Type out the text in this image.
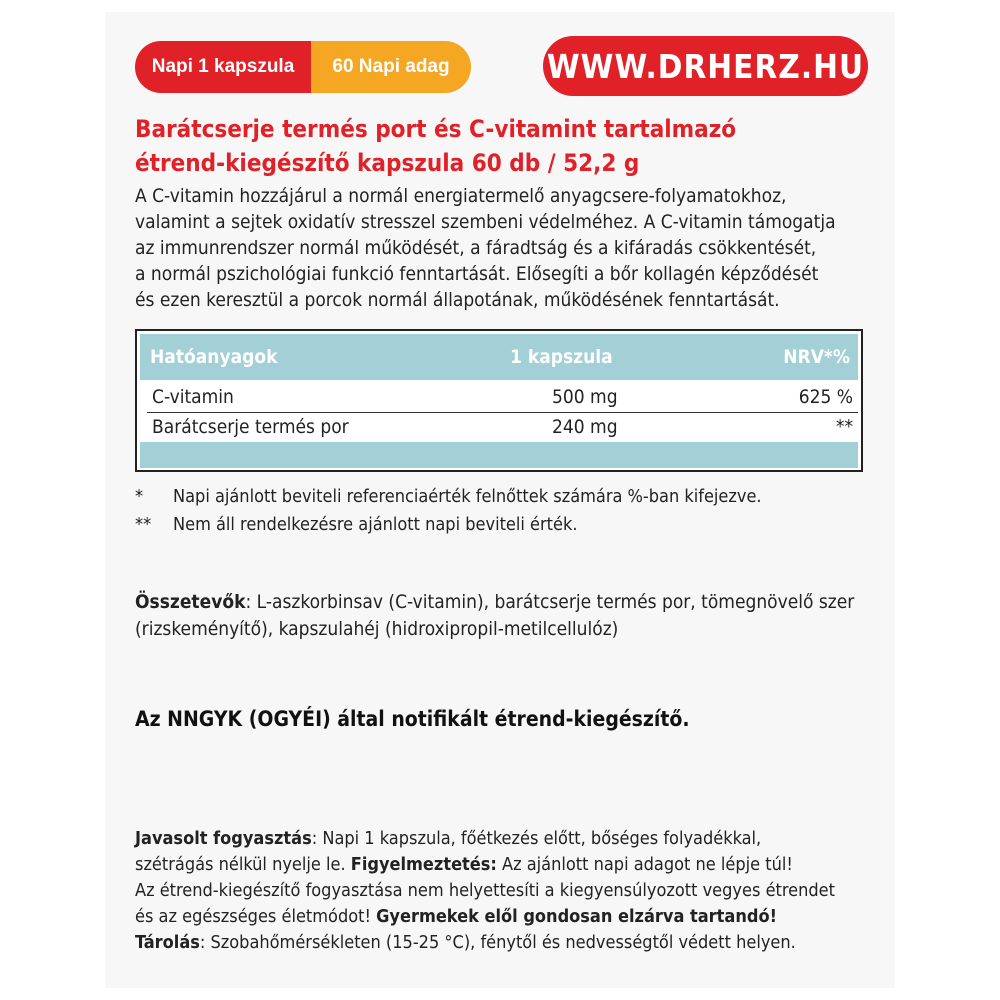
Napi 1 kapszula	60 Napi adag	WWW.DRHERZ.HU
Barátcserje termés port és C-vitamint tartalmazó
étrend-kiegészítő kapszula 60 db / 52,2 g
A C-vitamin hozzájárul a normál energiatermelő anyagcsere-folyamatokhoz,
valamint a sejtek oxidatív stresszel szembeni védelméhez. A C-vitamin támogatja
az immunrendszer normál működését, a fáradtság és a kifáradás csökkentését,
a normál pszichológiai funkció fenntartását. Elősegíti a bőr kollagén képződését
és ezen keresztül a porcok normál állapotának, működésének fenntartását.
Hatóanyagok	1 kapszula	NRV*%
C-vitamin	500 mg	625 %
Barátcserje termés por	240 mg	**
*	Napi ajánlott beviteli referenciaérték felnőttek számára %-ban kifejezve.
**	Nem áll rendelkezésre ajánlott napi beviteli érték.
Összetevők: L-aszkorbinsav (C-vitamin), barátcserje termés por, tömegnövelő szer
(rizskeményítő), kapszulahéj (hidroxipropil-metilcellulóz)
Az NNGYK (OGYÉI) által notifikált étrend-kiegészítő.
Javasolt fogyasztás: Napi 1 kapszula, főétkezés előtt, bőséges folyadékkal,
szétrágás nélkül nyelje le. Figyelmeztetés: Az ajánlott napi adagot ne lépje túl!
Az étrend-kiegészítő fogyasztása nem helyettesíti a kiegyensúlyozott vegyes étrendet
és az egészséges életmódot! Gyermekek elől gondosan elzárva tartandó!
Tárolás: Szobahőmérsékleten (15-25 °C), fénytől és nedvességtől védett helyen.
